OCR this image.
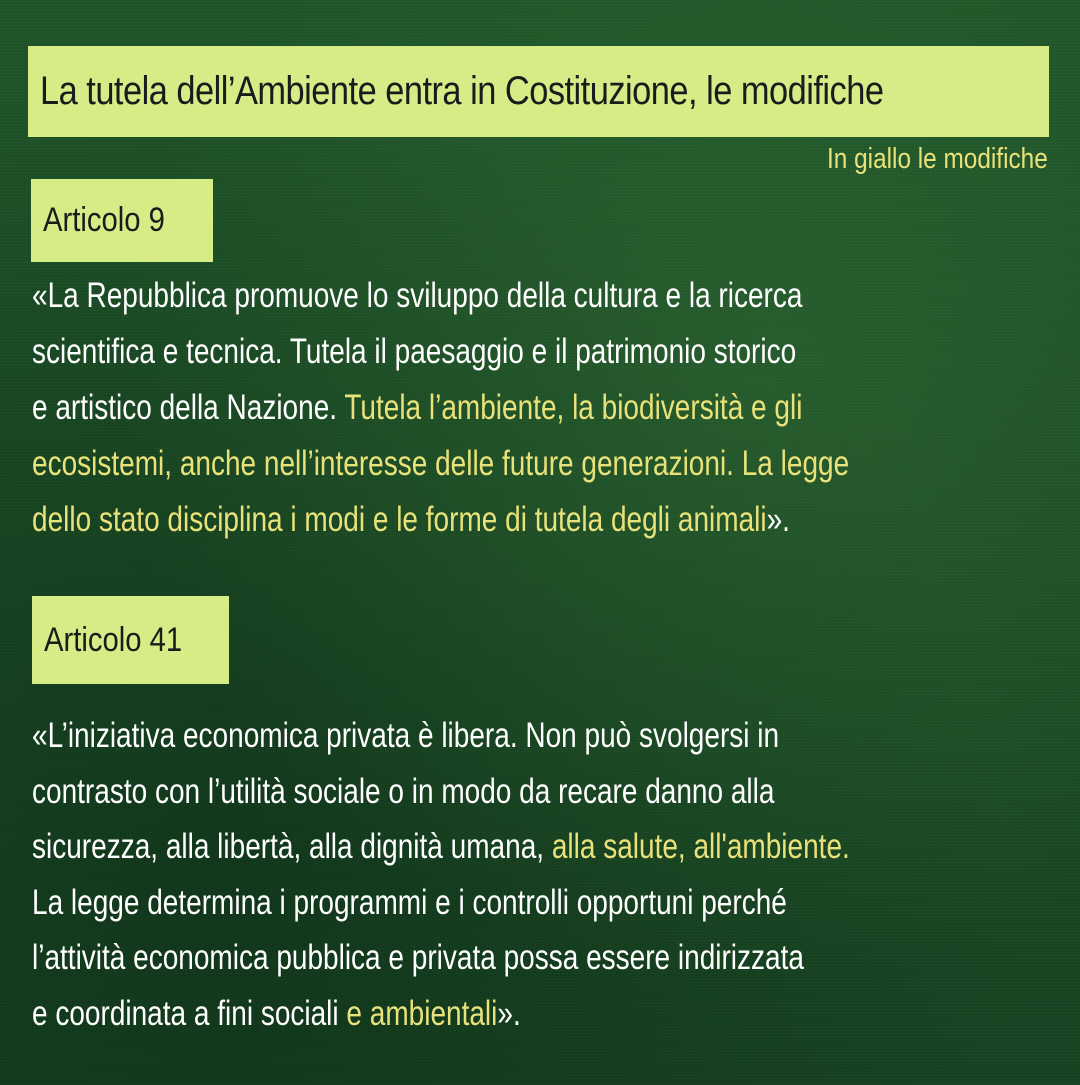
La tutela dell’Ambiente entra in Costituzione, le modifiche
In giallo le modifiche
Articolo 9
«La Repubblica promuove lo sviluppo della cultura e la ricerca
scientifica e tecnica. Tutela il paesaggio e il patrimonio storico
e artistico della Nazione. Tutela l’ambiente, la biodiversità e gli
ecosistemi, anche nell’interesse delle future generazioni. La legge
dello stato disciplina i modi e le forme di tutela degli animali».
Articolo 41
«L’iniziativa economica privata è libera. Non può svolgersi in
contrasto con l’utilità sociale o in modo da recare danno alla
sicurezza, alla libertà, alla dignità umana, alla salute, all'ambiente.
La legge determina i programmi e i controlli opportuni perché
l’attività economica pubblica e privata possa essere indirizzata
e coordinata a fini sociali e ambientali».
